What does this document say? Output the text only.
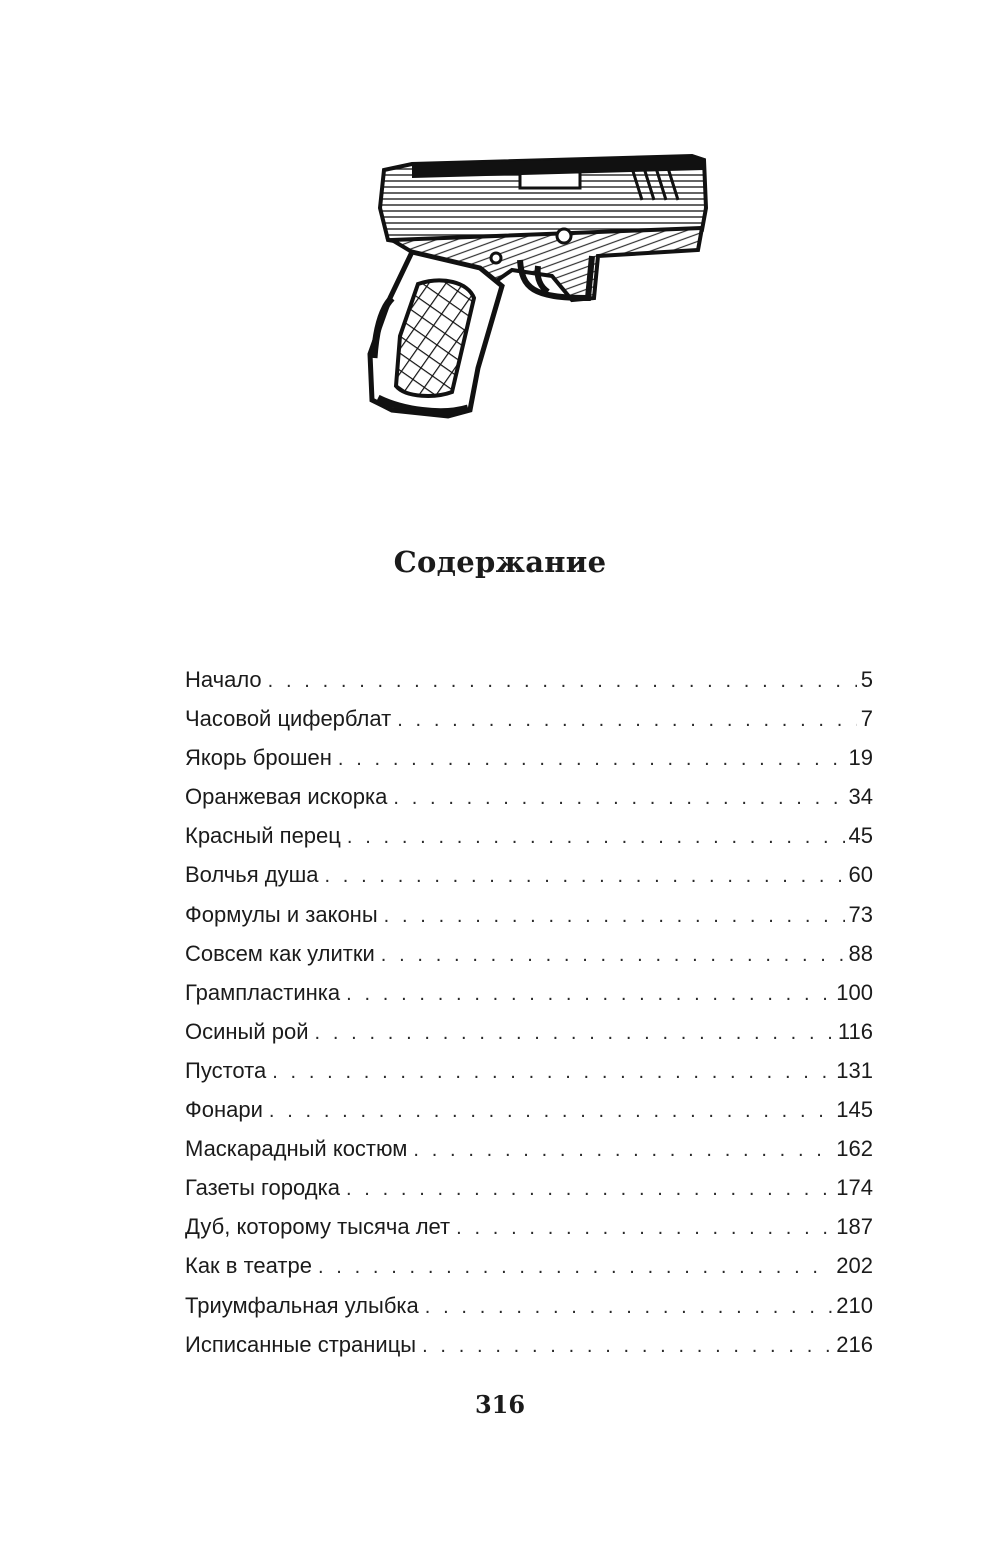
Содержание
Начало . . .	5
Часовой циферблат . . .	7
Якорь брошен . . .	19
Оранжевая искорка . . .	34
Красный перец . . .	45
Волчья душа . . .	60
Формулы и законы . . .	73
Совсем как улитки . . .	88
Грампластинка . . .	100
Осиный рой . . .	116
Пустота . . .	131
Фонари . . .	145
Маскарадный костюм . . .	162
Газеты городка . . .	174
Дуб, которому тысяча лет . . .	187
Как в театре . . .	202
Триумфальная улыбка . . .	210
Исписанные страницы . . .	216
316
